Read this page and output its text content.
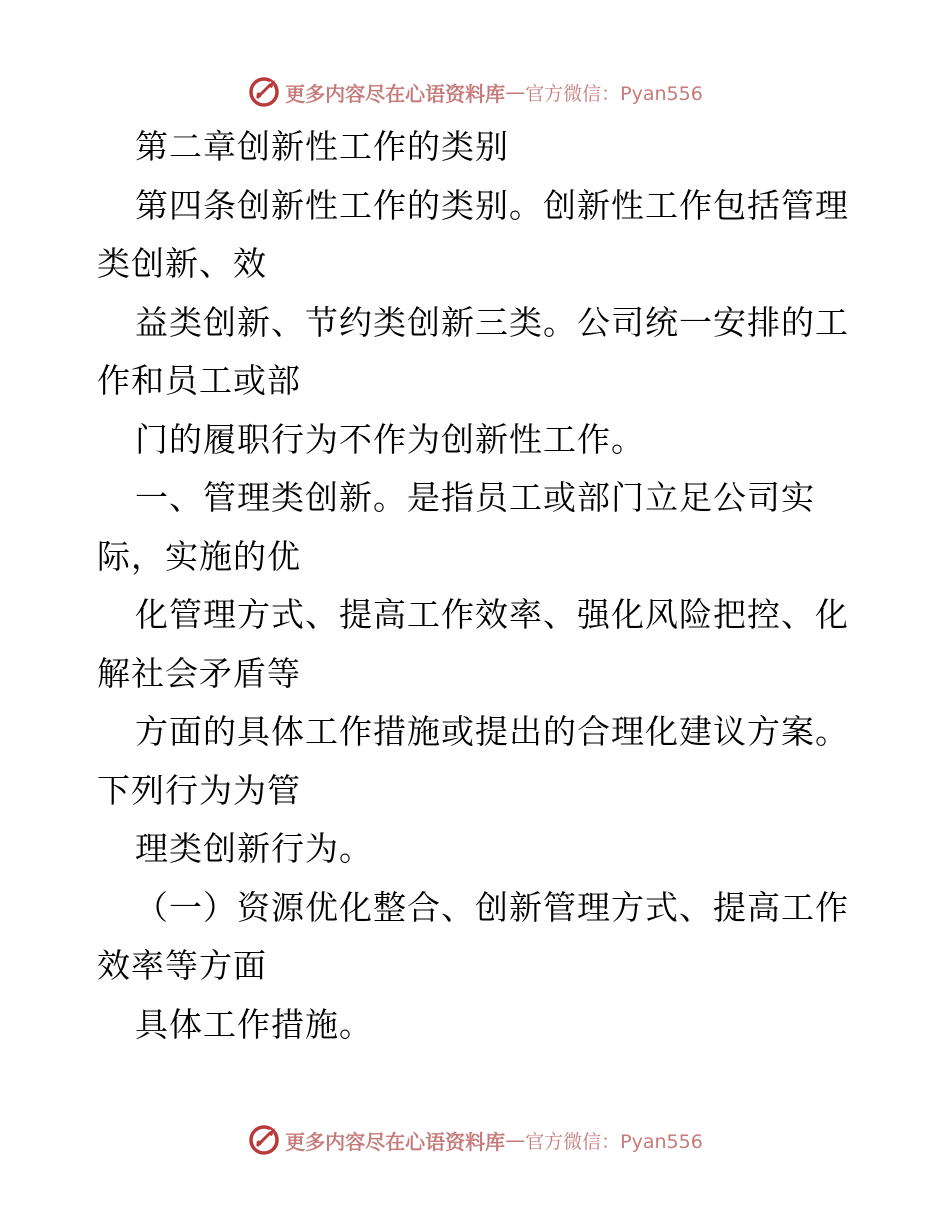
更多内容尽在心语资料库 — 官方微信：Pyan556
第二章创新性工作的类别
第四条创新性工作的类别。创新性工作包括管理
类创新、效
益类创新、节约类创新三类。公司统一安排的工
作和员工或部
门的履职行为不作为创新性工作。
一、管理类创新。是指员工或部门立足公司实
际，实施的优
化管理方式、提高工作效率、强化风险把控、化
解社会矛盾等
方面的具体工作措施或提出的合理化建议方案。
下列行为为管
理类创新行为。
（一）资源优化整合、创新管理方式、提高工作
效率等方面
具体工作措施。
更多内容尽在心语资料库 — 官方微信：Pyan556
